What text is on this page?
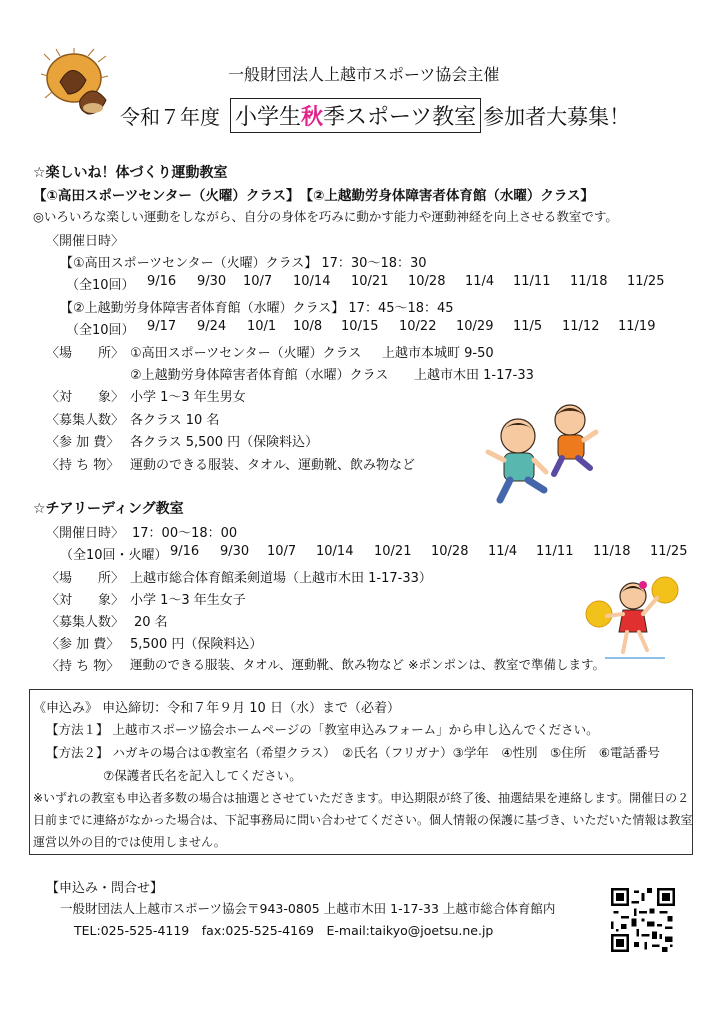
一般財団法人上越市スポーツ協会主催
令和７年度 小学生秋季スポーツ教室 参加者大募集！
☆楽しいね！体づくり運動教室
【①高田スポーツセンター（火曜）クラス】　【②上越勤労身体障害者体育館（水曜）クラス】
◎いろいろな楽しい運動をしながら、自分の身体を巧みに動かす能力や運動神経を向上させる教室です。
〈開催日時〉
【①高田スポーツセンター（火曜）クラス】 17：30～18：30
（全10回） 9/16 9/30 10/7 10/14 10/21 10/28 11/4 11/11 11/18 11/25
【②上越勤労身体障害者体育館（水曜）クラス】 17：45～18：45
（全10回） 9/17 9/24 10/1 10/8 10/15 10/22 10/29 11/5 11/12 11/19
〈場　　所〉 ①高田スポーツセンター（火曜）クラス 上越市本城町 9-50
②上越勤労身体障害者体育館（水曜）クラス 上越市木田 1-17-33
〈対　　象〉 小学 1～3 年生男女
〈募集人数〉 各クラス 10 名
〈参 加 費〉 各クラス 5,500 円（保険料込）
〈持 ち 物〉 運動のできる服装、タオル、運動靴、飲み物など
☆チアリーディング教室
〈開催日時〉 17：00～18：00
（全10回・火曜） 9/16 9/30 10/7 10/14 10/21 10/28 11/4 11/11 11/18 11/25
〈場　　所〉 上越市総合体育館柔剣道場（上越市木田 1-17-33）
〈対　　象〉 小学 1～3 年生女子
〈募集人数〉 20 名
〈参 加 費〉 5,500 円（保険料込）
〈持 ち 物〉 運動のできる服装、タオル、運動靴、飲み物など ※ポンポンは、教室で準備します。
《申込み》 申込締切：令和７年９月 10 日（水）まで（必着）
【方法１】 上越市スポーツ協会ホームページの「教室申込みフォーム」から申し込んでください。
【方法２】 ハガキの場合は①教室名（希望クラス）　②氏名（フリガナ）③学年　④性別　⑤住所　⑥電話番号
⑦保護者氏名を記入してください。
※いずれの教室も申込者多数の場合は抽選とさせていただきます。申込期限が終了後、抽選結果を連絡します。開催日の２
日前までに連絡がなかった場合は、下記事務局に問い合わせてください。個人情報の保護に基づき、いただいた情報は教室
運営以外の目的では使用しません。
【申込み・問合せ】
一般財団法人上越市スポーツ協会〒943-0805 上越市木田 1-17-33 上越市総合体育館内
TEL:025-525-4119　fax:025-525-4169　E-mail:taikyo@joetsu.ne.jp
